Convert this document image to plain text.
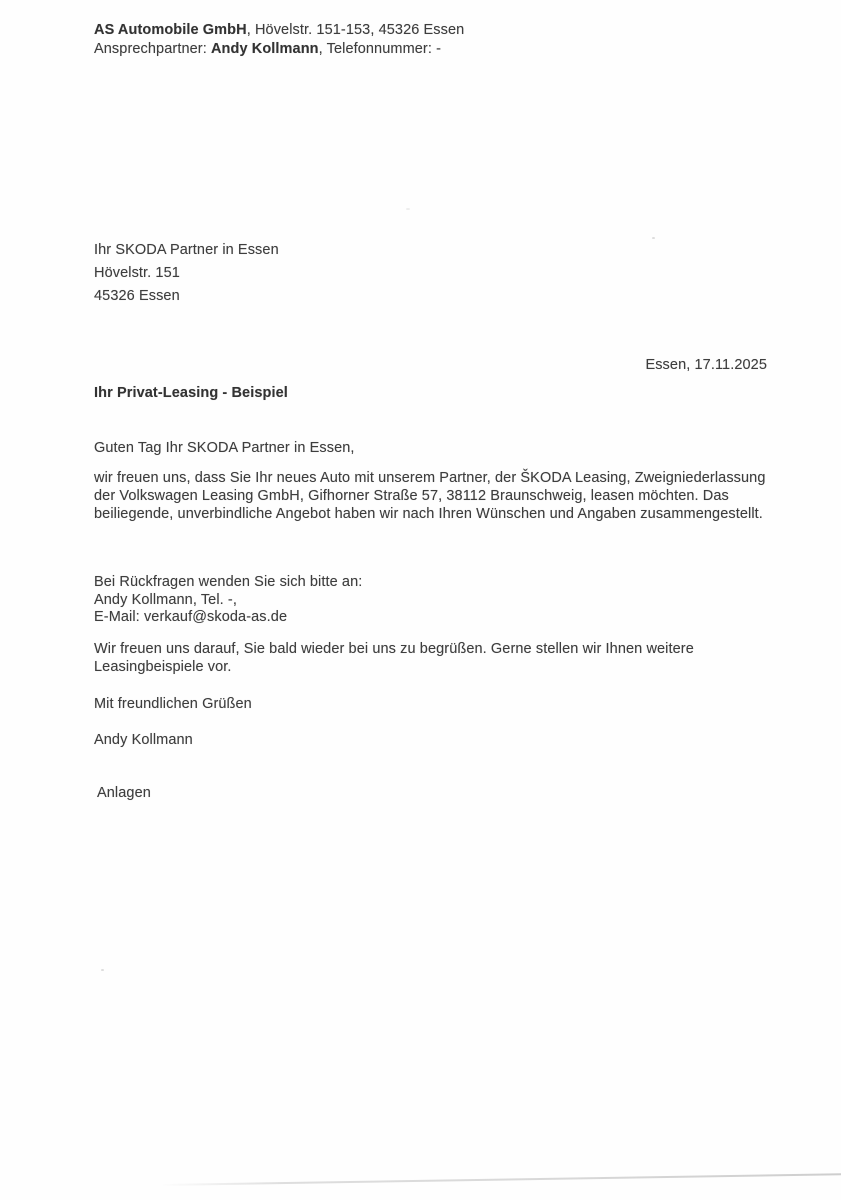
AS Automobile GmbH, Hövelstr. 151-153, 45326 Essen
Ansprechpartner: Andy Kollmann, Telefonnummer: -
Ihr SKODA Partner in Essen
Hövelstr. 151
45326 Essen
Essen, 17.11.2025
Ihr Privat-Leasing - Beispiel
Guten Tag Ihr SKODA Partner in Essen,
wir freuen uns, dass Sie Ihr neues Auto mit unserem Partner, der ŠKODA Leasing, Zweigniederlassung
der Volkswagen Leasing GmbH, Gifhorner Straße 57, 38112 Braunschweig, leasen möchten. Das
beiliegende, unverbindliche Angebot haben wir nach Ihren Wünschen und Angaben zusammengestellt.
Bei Rückfragen wenden Sie sich bitte an:
Andy Kollmann, Tel. -,
E-Mail: verkauf@skoda-as.de
Wir freuen uns darauf, Sie bald wieder bei uns zu begrüßen. Gerne stellen wir Ihnen weitere
Leasingbeispiele vor.
Mit freundlichen Grüßen
Andy Kollmann
Anlagen
